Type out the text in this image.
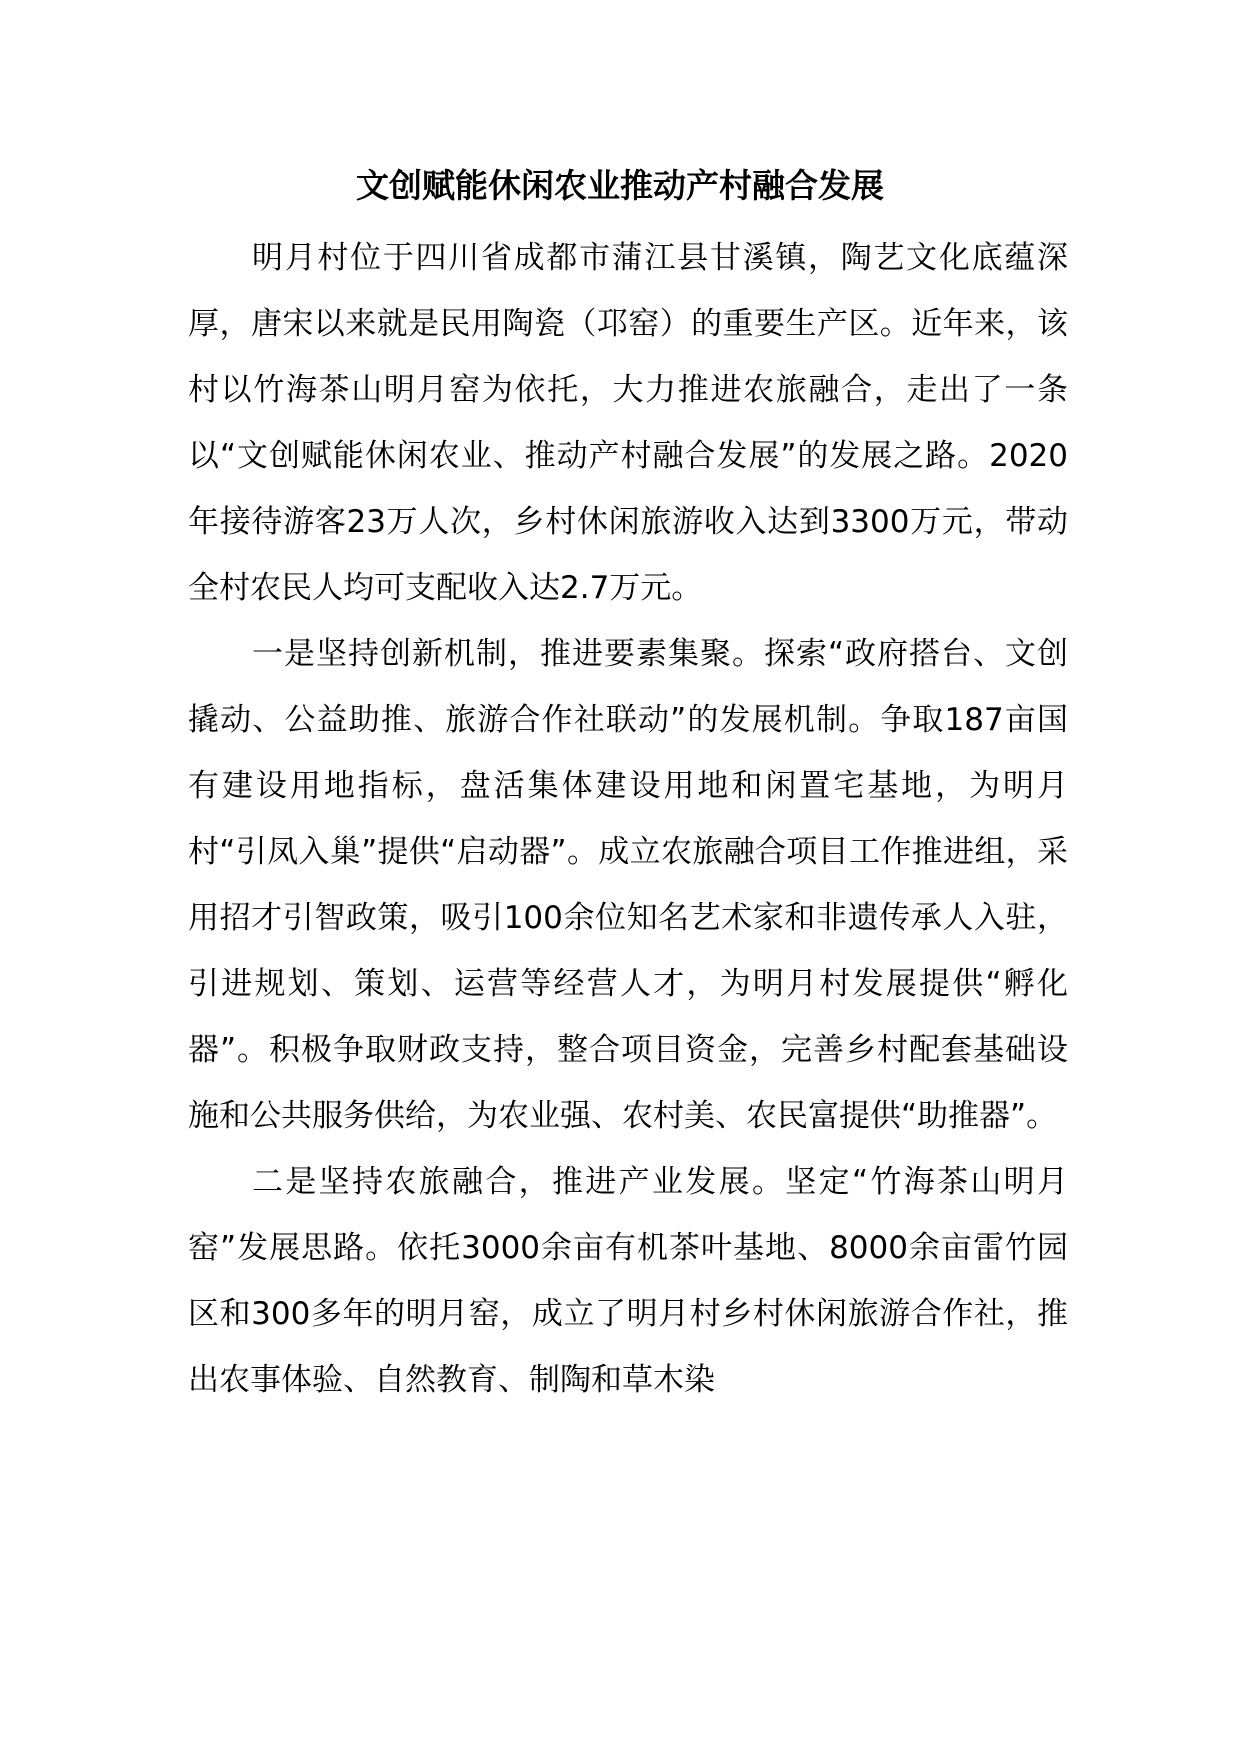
文创赋能休闲农业推动产村融合发展

明月村位于四川省成都市蒲江县甘溪镇，陶艺文化底蕴深厚，唐宋以来就是民用陶瓷（邛窑）的重要生产区。近年来，该村以竹海茶山明月窑为依托，大力推进农旅融合，走出了一条以“文创赋能休闲农业、推动产村融合发展”的发展之路。2020年接待游客23万人次，乡村休闲旅游收入达到3300万元，带动全村农民人均可支配收入达2.7万元。

一是坚持创新机制，推进要素集聚。探索“政府搭台、文创撬动、公益助推、旅游合作社联动”的发展机制。争取187亩国有建设用地指标，盘活集体建设用地和闲置宅基地，为明月村“引凤入巢”提供“启动器”。成立农旅融合项目工作推进组，采用招才引智政策，吸引100余位知名艺术家和非遗传承人入驻，引进规划、策划、运营等经营人才，为明月村发展提供“孵化器”。积极争取财政支持，整合项目资金，完善乡村配套基础设施和公共服务供给，为农业强、农村美、农民富提供“助推器”。

二是坚持农旅融合，推进产业发展。坚定“竹海茶山明月窑”发展思路。依托3000余亩有机茶叶基地、8000余亩雷竹园区和300多年的明月窑，成立了明月村乡村休闲旅游合作社，推出农事体验、自然教育、制陶和草木染
